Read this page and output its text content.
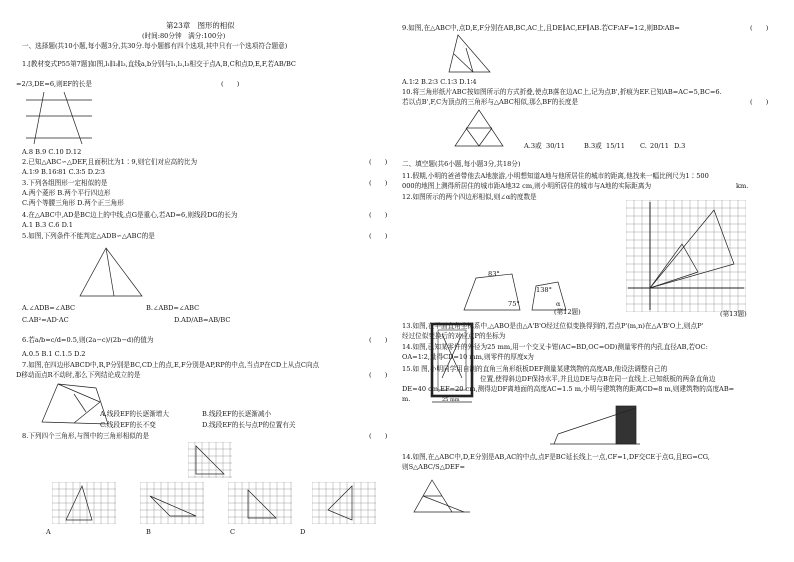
第23章　图形的相似
(时间:80分钟　满分:100分)
一、选择题(共10小题,每小题3分,共30分.每小题都有四个选项,其中只有一个选项符合题意)
1.[教材变式P55第7题]如图,l₁∥l₂∥l₃,直线a,b分别与l₁,l₂,l₃相交于点A,B,C和点D,E,F,若AB/BC
=2/3,DE=6,则EF的长是	(　　)
A.8 B.9 C.10 D.12
2.已知△ABC∽△DEF,且面积比为1∶9,则它们对应高的比为	(　　)
A.1∶9 B.16∶81 C.3∶5 D.2∶3
3.下列各组图形一定相似的是	(　　)
A.两个菱形 B.两个平行四边形
C.两个等腰三角形 D.两个正三角形
4.在△ABC中,AD是BC边上的中线,点G是重心,若AD=6,则线段DG的长为	(　　)
A.1 B.3 C.6 D.1
5.如图,下列条件不能判定△ADB∽△ABC的是	(　　)
A.∠ADB=∠ABC	B.∠ABD=∠ABC
C.AB²=AD·AC	D.AD/AB=AB/BC
6.若a/b=c/d=0.5,则(2a−c)/(2b−d)的值为	(　　)
A.0.5 B.1 C.1.5 D.2
7.如图,在四边形ABCD中,R,P分别是BC,CD上的点,E,F分别是AP,RP的中点,当点P在CD上从点C向点
D移动而点R不动时,那么下列结论成立的是	(　　)
A.线段EF的长逐渐增大	B.线段EF的长逐渐减小
C.线段EF的长不变	D.线段EF的长与点P的位置有关
8.下列四个三角形,与图中的三角形相似的是	(　　)
A	B	C	D
9.如图,在△ABC中,点D,E,F分别在AB,BC,AC上,且DE∥AC,EF∥AB.若CF∶AF=1∶2,则BD∶AB=	(　　)
A.1∶2 B.2∶3 C.1∶3 D.1∶4
10.将三角形纸片ABC按如图所示的方式折叠,使点B落在边AC上,记为点B',折痕为EF.已知AB=AC=5,BC=6.
若以点B',F,C为顶点的三角形与△ABC相似,那么BF的长度是	(　　)
A.3或 30/11	B.3或 15/11 C. 20/11 D.3
二、填空题(共6小题,每小题3分,共18分)
11.假期,小明的爸爸带他去A地旅游,小明想知道A地与他所居住的城市的距离,他找来一幅比例尺为1∶500
000的地图上测得所居住的城市距A地32 cm,则小明所居住的城市与A地的实际距离为	km.
12.如图所示的两个四边形相似,则∠α的度数是
75°
83°
138°
α
(第12题)	(第13题)
13.如图,在平面直角坐标系中,△ABO是由△A'B'O经过位似变换得到的,若点P'(m,n)在△A'B'O上,则点P'
经过位似变换后的对应点P的坐标为
14.如图,已知某零件的外径为25 mm,用一个交叉卡钳(AC=BD,OC=OD)测量零件的内孔直径AB,若OC:
OA=1∶2,量得CD=10 mm,则零件的厚度x为
25 mm
15.如 图,小明同学用自制的直角三角形纸板DEF测量某建筑物的高度AB,他设法调整自己的
位置,使得斜边DF保持水平,并且边DE与点B在同一直线上.已知纸板的两条直角边
DE=40 cm,EF=20 cm,测得边DF离地面的高度AC=1.5 m,小明与建筑物的距离CD=8 m,则建筑物的高度AB=
m.
14.如图,在△ABC中,D,E分别是AB,AC的中点,点F是BC延长线上一点,CF=1,DF交CE于点G,且EG=CG,
则S△ABC/S△DEF=
